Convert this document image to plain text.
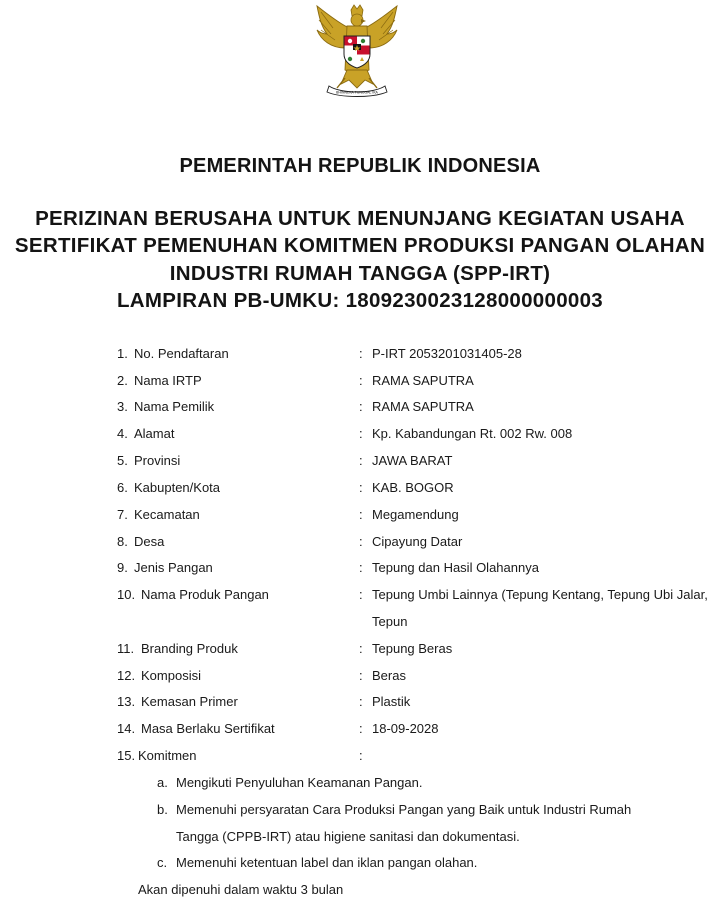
BHINNEKA TUNGGAL IKA
PEMERINTAH REPUBLIK INDONESIA
PERIZINAN BERUSAHA UNTUK MENUNJANG KEGIATAN USAHA
SERTIFIKAT PEMENUHAN KOMITMEN PRODUKSI PANGAN OLAHAN
INDUSTRI RUMAH TANGGA (SPP-IRT)
LAMPIRAN PB-UMKU: 1809230023128000000003
1. No. Pendaftaran	: P-IRT 2053201031405-28
2. Nama IRTP	: RAMA SAPUTRA
3. Nama Pemilik	: RAMA SAPUTRA
4. Alamat	: Kp. Kabandungan Rt. 002 Rw. 008
5. Provinsi	: JAWA BARAT
6. Kabupten/Kota	: KAB. BOGOR
7. Kecamatan	: Megamendung
8. Desa	: Cipayung Datar
9. Jenis Pangan	: Tepung dan Hasil Olahannya
10. Nama Produk Pangan	: Tepung Umbi Lainnya (Tepung Kentang, Tepung Ubi Jalar,
Tepun
11. Branding Produk	: Tepung Beras
12. Komposisi	: Beras
13. Kemasan Primer	: Plastik
14. Masa Berlaku Sertifikat	: 18-09-2028
15. Komitmen	:
a. Mengikuti Penyuluhan Keamanan Pangan.
b. Memenuhi persyaratan Cara Produksi Pangan yang Baik untuk Industri Rumah
Tangga (CPPB-IRT) atau higiene sanitasi dan dokumentasi.
c. Memenuhi ketentuan label dan iklan pangan olahan.
Akan dipenuhi dalam waktu 3 bulan
